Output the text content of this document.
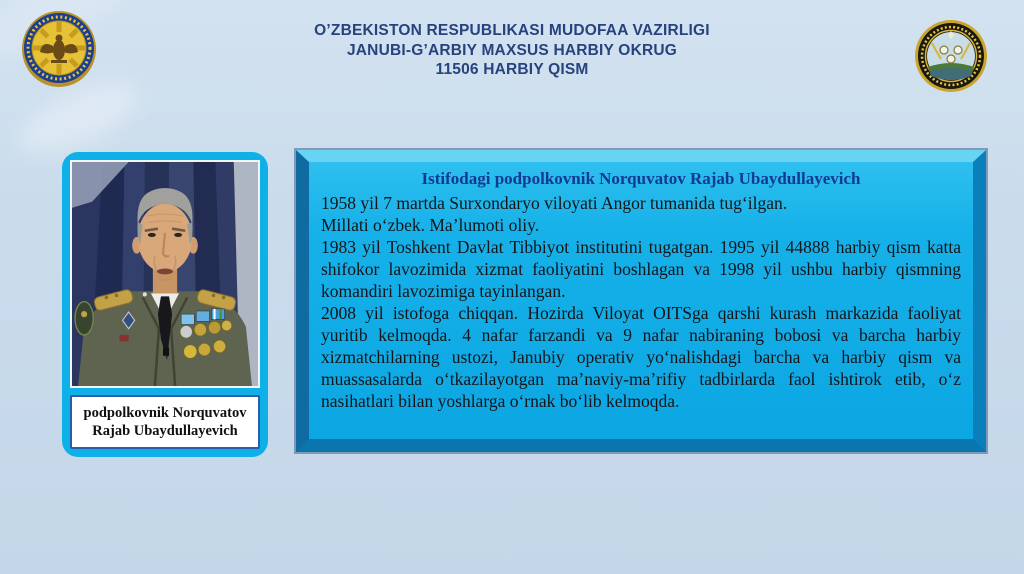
O’ZBEKISTON RESPUBLIKASI MUDOFAA VAZIRLIGI
JANUBI-G’ARBIY MAXSUS HARBIY OKRUG
11506 HARBIY QISM
podpolkovnik Norquvatov
Rajab Ubaydullayevich
Istifodagi podpolkovnik Norquvatov Rajab Ubaydullayevich

1958 yil 7 martda Surxondaryo viloyati Angor tumanida tugʻilgan.

Millati oʻzbek. Maʼlumoti oliy.

1983 yil Toshkent Davlat Tibbiyot institutini tugatgan. 1995 yil 44888 harbiy qism katta shifokor lavozimida xizmat faoliyatini boshlagan va 1998 yil ushbu harbiy qismning komandiri lavozimiga tayinlangan.

2008 yil istofoga chiqqan. Hozirda Viloyat OITSga qarshi kurash markazida faoliyat yuritib kelmoqda. 4 nafar farzandi va 9 nafar nabiraning bobosi va barcha harbiy xizmatchilarning ustozi, Janubiy operativ yoʻnalishdagi barcha va harbiy qism va muassasalarda oʻtkazilayotgan maʼnaviy-maʼrifiy tadbirlarda faol ishtirok etib, oʻz nasihatlari bilan yoshlarga oʻrnak boʻlib kelmoqda.
